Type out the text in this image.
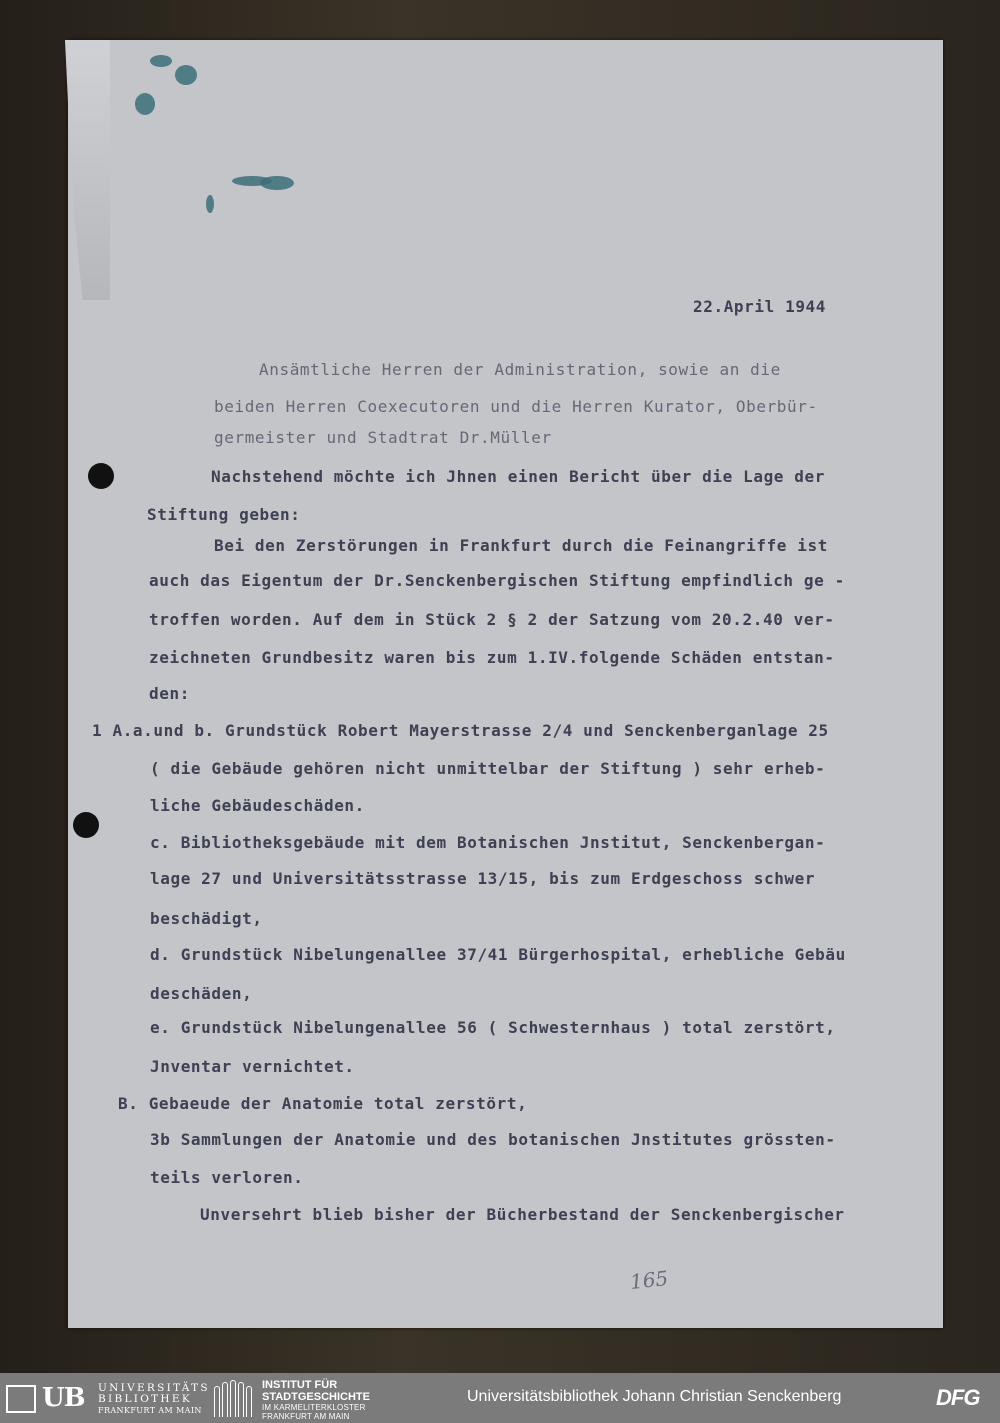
22.April 1944
Ansämtliche Herren der Administration, sowie an die
beiden Herren Coexecutoren und die Herren Kurator, Oberbür-
germeister und Stadtrat Dr.Müller
Nachstehend möchte ich Jhnen einen Bericht über die Lage der
Stiftung geben:
Bei den Zerstörungen in Frankfurt durch die Feinangriffe ist
auch das Eigentum der Dr.Senckenbergischen Stiftung empfindlich ge -
troffen worden. Auf dem in Stück 2 § 2 der Satzung vom 20.2.40 ver-
zeichneten Grundbesitz waren bis zum 1.IV.folgende Schäden entstan-
den:
1 A.a.und b. Grundstück Robert Mayerstrasse 2/4 und Senckenberganlage 25
( die Gebäude gehören nicht unmittelbar der Stiftung ) sehr erheb-
liche Gebäudeschäden.
c. Bibliotheksgebäude mit dem Botanischen Jnstitut, Senckenbergan-
lage 27 und Universitätsstrasse 13/15, bis zum Erdgeschoss schwer
beschädigt,
d. Grundstück Nibelungenallee 37/41 Bürgerhospital, erhebliche Gebäu
deschäden,
e. Grundstück Nibelungenallee 56 ( Schwesternhaus ) total zerstört,
Jnventar vernichtet.
B. Gebaeude der Anatomie total zerstört,
3b Sammlungen der Anatomie und des botanischen Jnstitutes grössten-
teils verloren.
Unversehrt blieb bisher der Bücherbestand der Senckenbergischer
165
UB UNIVERSITÄTS
BIBLIOTHEK
FRANKFURT AM MAIN
INSTITUT FÜR
STADTGESCHICHTE
IM KARMELITERKLOSTER
FRANKFURT AM MAIN
Universitätsbibliothek Johann Christian Senckenberg	DFG
